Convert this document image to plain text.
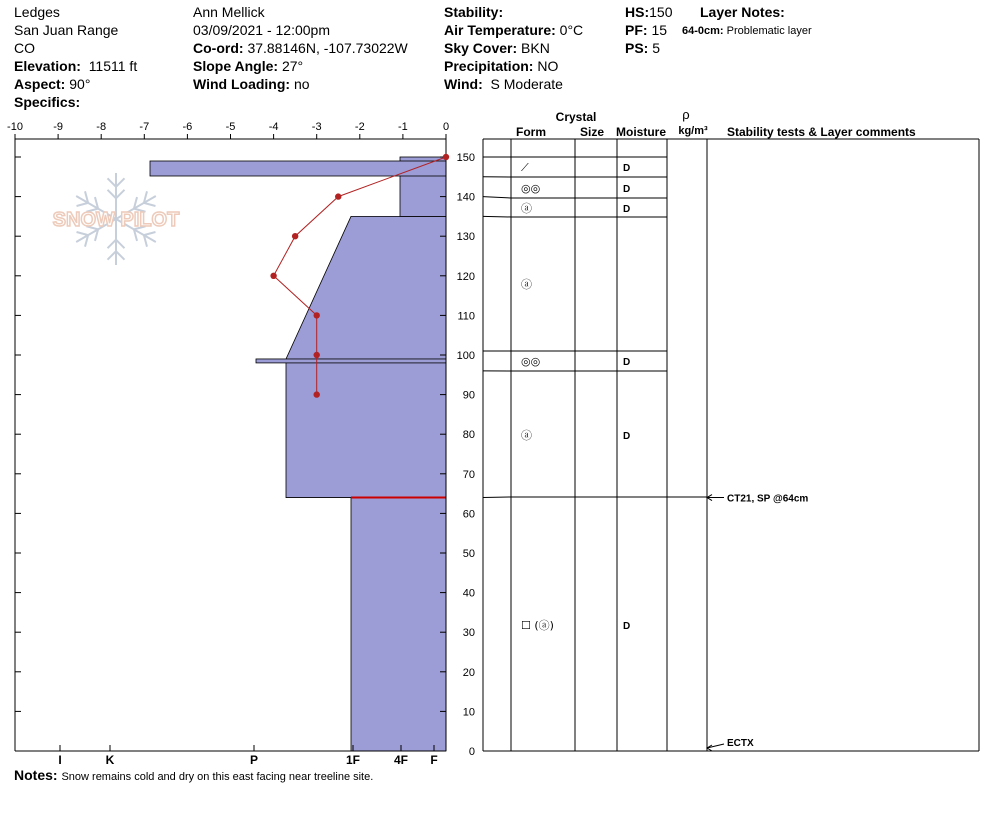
Ledges
San Juan Range
CO
Elevation: 11511 ft
Aspect: 90°
Specifics:
Ann Mellick
03/09/2021 - 12:00pm
Co-ord: 37.88146N, -107.73022W
Slope Angle: 27°
Wind Loading: no
Stability:
Air Temperature: 0°C
Sky Cover: BKN
Precipitation: NO
Wind: S Moderate
HS:150
PF: 15
PS: 5
Layer Notes:
64-0cm: Problematic layer
Notes: Snow remains cold and dry on this east facing near treeline site.
SNOW PILOT
-10	-9	-8	-7	-6	-5	-4	-3	-2	-1	0
0
10
20
30
40
50
60
70
80
90
100
110
120
130
140
150
I	K	P	1F	4F F
Crystal
Form	Size Moisture
ρ
kg/m³ Stability tests & Layer comments
⟋	D
◎◎	D
ⓐ	D
ⓐ
◎◎	D
ⓐ	D
☐ (ⓐ)	D
CT21, SP @64cm
ECTX
